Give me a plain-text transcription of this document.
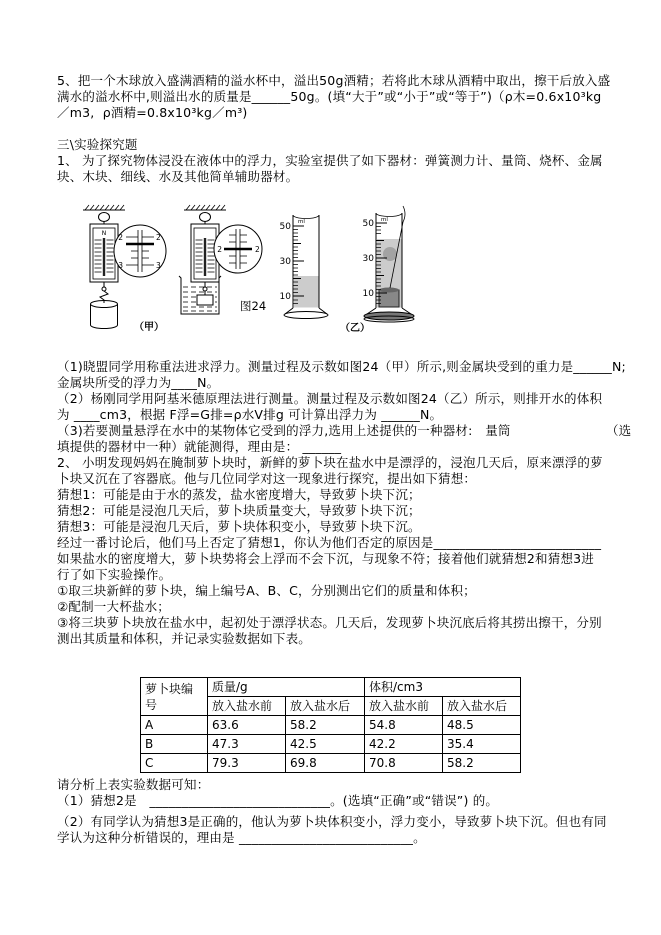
5、把一个木球放入盛满酒精的溢水杯中，溢出50g酒精；若将此木球从酒精中取出，擦干后放入盛
满水的溢水杯中,则溢出水的质量是______50g。(填“大于”或“小于”或“等于”)（ρ木=0.6x10³kg
／m3,  ρ酒精=0.8x10³kg／m³)
三\实验探究题
1、 为了探究物体浸没在液体中的浮力，实验室提供了如下器材：弹簧测力计、量筒、烧杯、金属
块、木块、细线、水及其他简单辅助器材。
N 2	2
3	3
2	2
图24
ml
50
30
10
ml
50
30
10
（甲）	（乙）
（1)晓盟同学用称重法进求浮力。测量过程及示数如图24（甲）所示,则金属块受到的重力是______N;
金属块所受的浮力为____N。
（2）杨刚同学用阿基米德原理法进行测量。测量过程及示数如图24（乙）所示，则排开水的体积
为 ____cm3，根据 F浮=G排=ρ水V排g 可计算出浮力为 ______N。
（3)若要测量悬浮在水中的某物体它受到的浮力,选用上述提供的一种器材:　量筒　　　　　　　　（选
填提供的器材中一种）就能测得，理由是： ______
2、 小明发现妈妈在腌制萝卜块时，新鲜的萝卜块在盐水中是漂浮的，浸泡几天后，原来漂浮的萝
卜块又沉在了容器底。他与几位同学对这一现象进行探究，提出如下猜想：
猜想1：可能是由于水的蒸发，盐水密度增大，导致萝卜块下沉；
猜想2：可能是浸泡几天后，萝卜块质量变大，导致萝卜块下沉；
猜想3：可能是浸泡几天后，萝卜块体积变小，导致萝卜块下沉。
经过一番讨论后，他们马上否定了猜想1，你认为他们否定的原因是__________________________
如果盐水的密度增大，萝卜块势将会上浮而不会下沉，与现象不符；接着他们就猜想2和猜想3进
行了如下实验操作。
①取三块新鲜的萝卜块，编上编号A、B、C，分别测出它们的质量和体积；
②配制一大杯盐水；
③将三块萝卜块放在盐水中，起初处于漂浮状态。几天后，发现萝卜块沉底后将其捞出擦干，分别
测出其质量和体积，并记录实验数据如下表。
萝卜块编号	质量/g		体积/cm3	
	放入盐水前	放入盐水后	放入盐水前	放入盐水后
A	63.6	58.2	54.8	48.5
B	47.3	42.5	42.2	35.4
C	79.3	69.8	70.8	58.2
请分析上表实验数据可知：
（1）猜想2是　____________________________。(选填“正确”或“错误”) 的。
（2）有同学认为猜想3是正确的，他认为萝卜块体积变小，浮力变小，导致萝卜块下沉。但也有同
学认为这种分析错误的，理由是 ___________________________。
